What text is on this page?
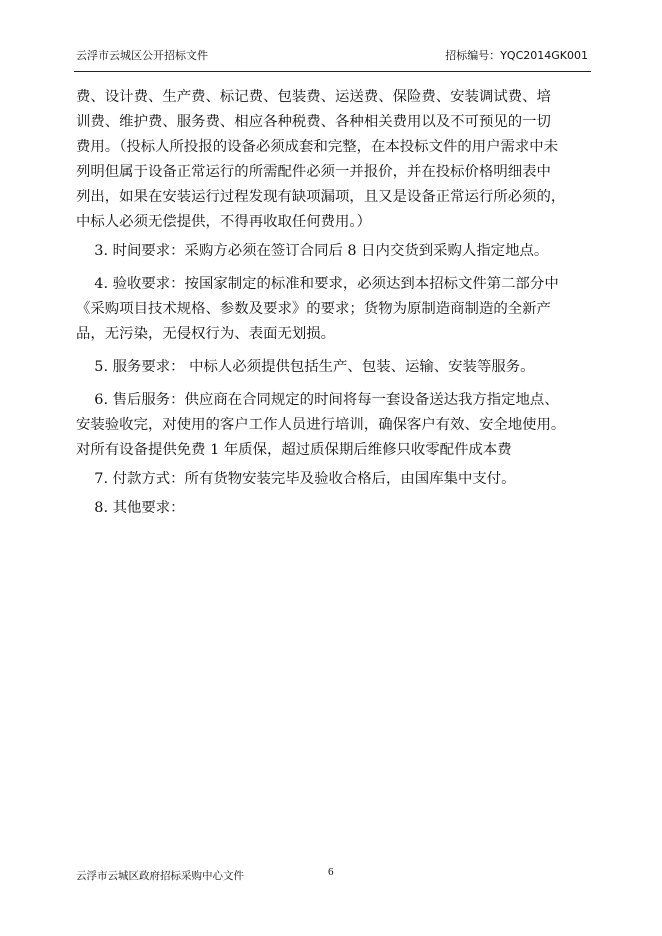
云浮市云城区公开招标文件	招标编号：YQC2014GK001

费、设计费、生产费、标记费、包装费、运送费、保险费、安装调试费、培
训费、维护费、服务费、相应各种税费、各种相关费用以及不可预见的一切
费用。（投标人所投报的设备必须成套和完整，在本投标文件的用户需求中未
列明但属于设备正常运行的所需配件必须一并报价，并在投标价格明细表中
列出，如果在安装运行过程发现有缺项漏项，且又是设备正常运行所必须的，
中标人必须无偿提供，不得再收取任何费用。）

3. 时间要求：采购方必须在签订合同后 8 日内交货到采购人指定地点。

4. 验收要求：按国家制定的标准和要求，必须达到本招标文件第二部分中
《采购项目技术规格、参数及要求》的要求；货物为原制造商制造的全新产
品，无污染，无侵权行为、表面无划损。

5. 服务要求： 中标人必须提供包括生产、包装、运输、安装等服务。

6. 售后服务：供应商在合同规定的时间将每一套设备送达我方指定地点、
安装验收完，对使用的客户工作人员进行培训，确保客户有效、安全地使用。
对所有设备提供免费 1 年质保，超过质保期后维修只收零配件成本费

7. 付款方式：所有货物安装完毕及验收合格后，由国库集中支付。

8. 其他要求：

云浮市云城区政府招标采购中心文件	6
